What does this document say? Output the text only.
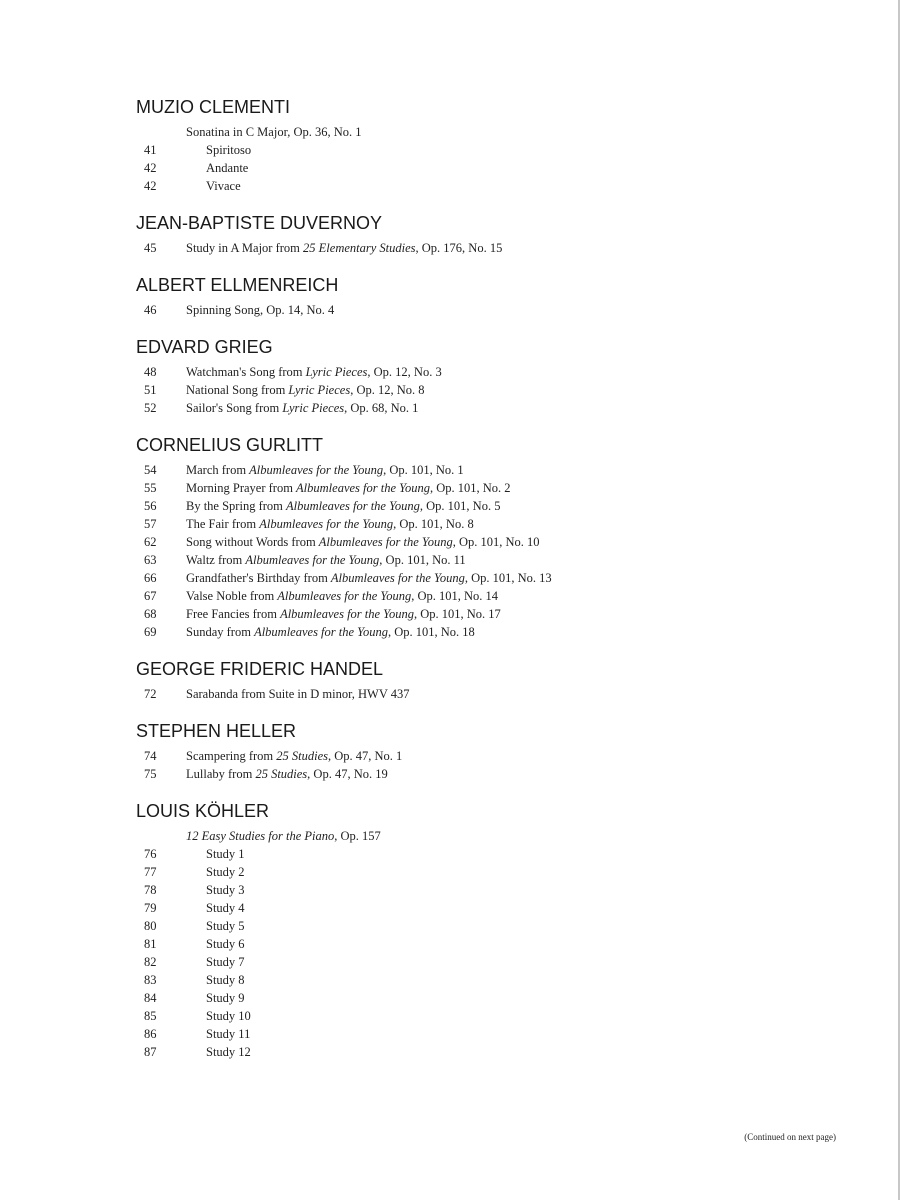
MUZIO CLEMENTI
Sonatina in C Major, Op. 36, No. 1
41	Spiritoso
42	Andante
42	Vivace
JEAN-BAPTISTE DUVERNOY
45 Study in A Major from 25 Elementary Studies, Op. 176, No. 15
ALBERT ELLMENREICH
46 Spinning Song, Op. 14, No. 4
EDVARD GRIEG
48 Watchman's Song from Lyric Pieces, Op. 12, No. 3
51 National Song from Lyric Pieces, Op. 12, No. 8
52 Sailor's Song from Lyric Pieces, Op. 68, No. 1
CORNELIUS GURLITT
54 March from Albumleaves for the Young, Op. 101, No. 1
55 Morning Prayer from Albumleaves for the Young, Op. 101, No. 2
56 By the Spring from Albumleaves for the Young, Op. 101, No. 5
57 The Fair from Albumleaves for the Young, Op. 101, No. 8
62 Song without Words from Albumleaves for the Young, Op. 101, No. 10
63 Waltz from Albumleaves for the Young, Op. 101, No. 11
66 Grandfather's Birthday from Albumleaves for the Young, Op. 101, No. 13
67 Valse Noble from Albumleaves for the Young, Op. 101, No. 14
68 Free Fancies from Albumleaves for the Young, Op. 101, No. 17
69 Sunday from Albumleaves for the Young, Op. 101, No. 18
GEORGE FRIDERIC HANDEL
72 Sarabanda from Suite in D minor, HWV 437
STEPHEN HELLER
74 Scampering from 25 Studies, Op. 47, No. 1
75 Lullaby from 25 Studies, Op. 47, No. 19
LOUIS KÖHLER
12 Easy Studies for the Piano, Op. 157
76	Study 1
77	Study 2
78	Study 3
79	Study 4
80	Study 5
81	Study 6
82	Study 7
83	Study 8
84	Study 9
85	Study 10
86	Study 11
87	Study 12
(Continued on next page)
